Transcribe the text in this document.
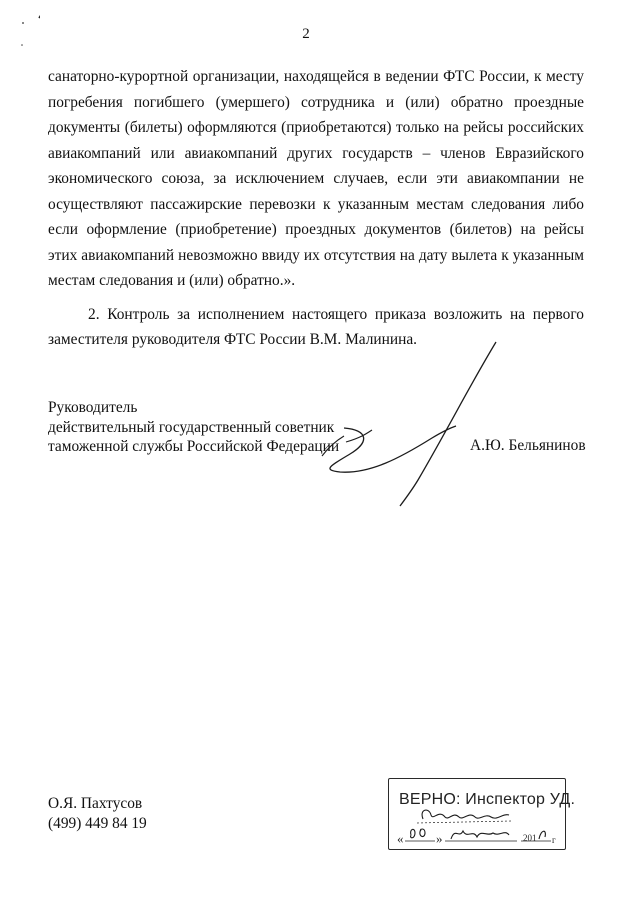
2

санаторно-курортной организации, находящейся в ведении ФТС России, к месту погребения погибшего (умершего) сотрудника и (или) обратно проездные документы (билеты) оформляются (приобретаются) только на рейсы российских авиакомпаний или авиакомпаний других государств – членов Евразийского экономического союза, за исключением случаев, если эти авиакомпании не осуществляют пассажирские перевозки к указанным местам следования либо если оформление (приобретение) проездных документов (билетов) на рейсы этих авиакомпаний невозможно ввиду их отсутствия на дату вылета к указанным местам следования и (или) обратно.».

2. Контроль за исполнением настоящего приказа возложить на первого заместителя руководителя ФТС России В.М. Малинина.

Руководитель
действительный государственный советник
таможенной службы Российской Федерации	А.Ю. Бельянинов
О.Я. Пахтусов
(499) 449 84 19
ВЕРНО: Инспектор УД.
«	»	201 г
